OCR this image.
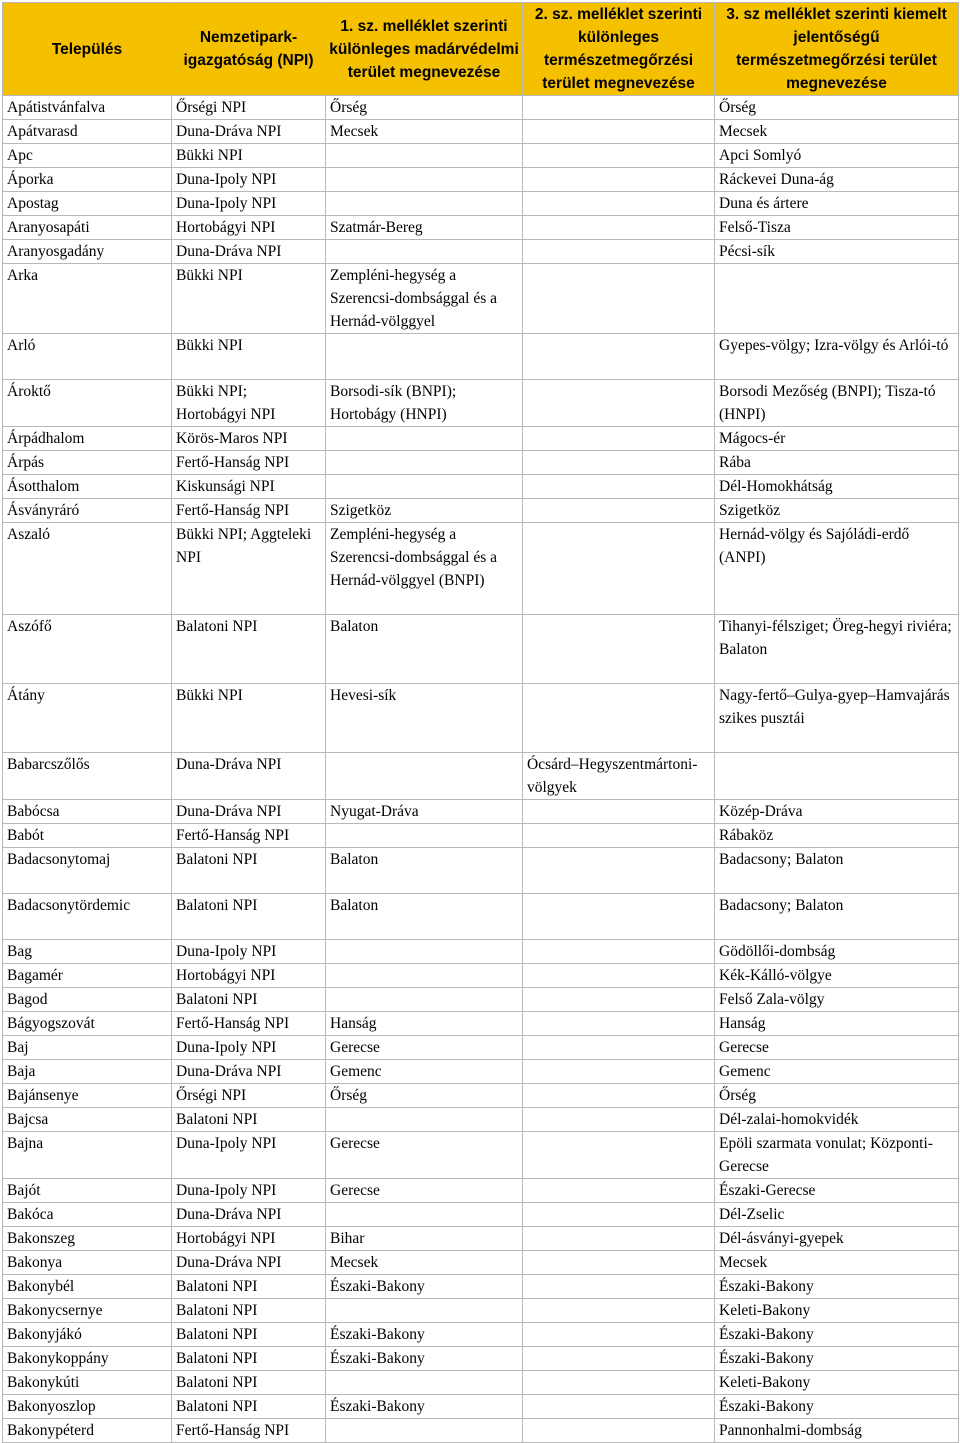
Település	Nemzetipark-igazgatóság (NPI)	1. sz. melléklet szerinti különleges madárvédelmi terület megnevezése	2. sz. melléklet szerinti különleges természetmegőrzési terület megnevezése	3. sz melléklet szerinti kiemelt jelentőségű természetmegőrzési terület megnevezése
Apátistvánfalva	Őrségi NPI	Őrség		Őrség
Apátvarasd	Duna-Dráva NPI	Mecsek		Mecsek
Apc	Bükki NPI			Apci Somlyó
Áporka	Duna-Ipoly NPI			Ráckevei Duna-ág
Apostag	Duna-Ipoly NPI			Duna és ártere
Aranyosapáti	Hortobágyi NPI	Szatmár-Bereg		Felső-Tisza
Aranyosgadány	Duna-Dráva NPI			Pécsi-sík
Arka	Bükki NPI	Zempléni-hegység a Szerencsi-dombsággal és a Hernád-völggyel		
Arló	Bükki NPI			Gyepes-völgy; Izra-völgy és Arlói-tó
Ároktő	Bükki NPI; Hortobágyi NPI	Borsodi-sík (BNPI); Hortobágy (HNPI)		Borsodi Mezőség (BNPI); Tisza-tó (HNPI)
Árpádhalom	Körös-Maros NPI			Mágocs-ér
Árpás	Fertő-Hanság NPI			Rába
Ásotthalom	Kiskunsági NPI			Dél-Homokhátság
Ásványráró	Fertő-Hanság NPI	Szigetköz		Szigetköz
Aszaló	Bükki NPI; Aggteleki NPI	Zempléni-hegység a Szerencsi-dombsággal és a Hernád-völggyel (BNPI)		Hernád-völgy és Sajóládi-erdő (ANPI)
Aszófő	Balatoni NPI	Balaton		Tihanyi-félsziget; Öreg-hegyi riviéra; Balaton
Átány	Bükki NPI	Hevesi-sík		Nagy-fertő–Gulya-gyep–Hamvajárás szikes pusztái
Babarcszőlős	Duna-Dráva NPI		Ócsárd–Hegyszentmártoni-völgyek	
Babócsa	Duna-Dráva NPI	Nyugat-Dráva		Közép-Dráva
Babót	Fertő-Hanság NPI			Rábaköz
Badacsonytomaj	Balatoni NPI	Balaton		Badacsony; Balaton
Badacsonytördemic	Balatoni NPI	Balaton		Badacsony; Balaton
Bag	Duna-Ipoly NPI			Gödöllői-dombság
Bagamér	Hortobágyi NPI			Kék-Kálló-völgye
Bagod	Balatoni NPI			Felső Zala-völgy
Bágyogszovát	Fertő-Hanság NPI	Hanság		Hanság
Baj	Duna-Ipoly NPI	Gerecse		Gerecse
Baja	Duna-Dráva NPI	Gemenc		Gemenc
Bajánsenye	Őrségi NPI	Őrség		Őrség
Bajcsa	Balatoni NPI			Dél-zalai-homokvidék
Bajna	Duna-Ipoly NPI	Gerecse		Epöli szarmata vonulat; Központi-Gerecse
Bajót	Duna-Ipoly NPI	Gerecse		Északi-Gerecse
Bakóca	Duna-Dráva NPI			Dél-Zselic
Bakonszeg	Hortobágyi NPI	Bihar		Dél-ásványi-gyepek
Bakonya	Duna-Dráva NPI	Mecsek		Mecsek
Bakonybél	Balatoni NPI	Északi-Bakony		Északi-Bakony
Bakonycsernye	Balatoni NPI			Keleti-Bakony
Bakonyjákó	Balatoni NPI	Északi-Bakony		Északi-Bakony
Bakonykoppány	Balatoni NPI	Északi-Bakony		Északi-Bakony
Bakonykúti	Balatoni NPI			Keleti-Bakony
Bakonyoszlop	Balatoni NPI	Északi-Bakony		Északi-Bakony
Bakonypéterd	Fertő-Hanság NPI			Pannonhalmi-dombság
